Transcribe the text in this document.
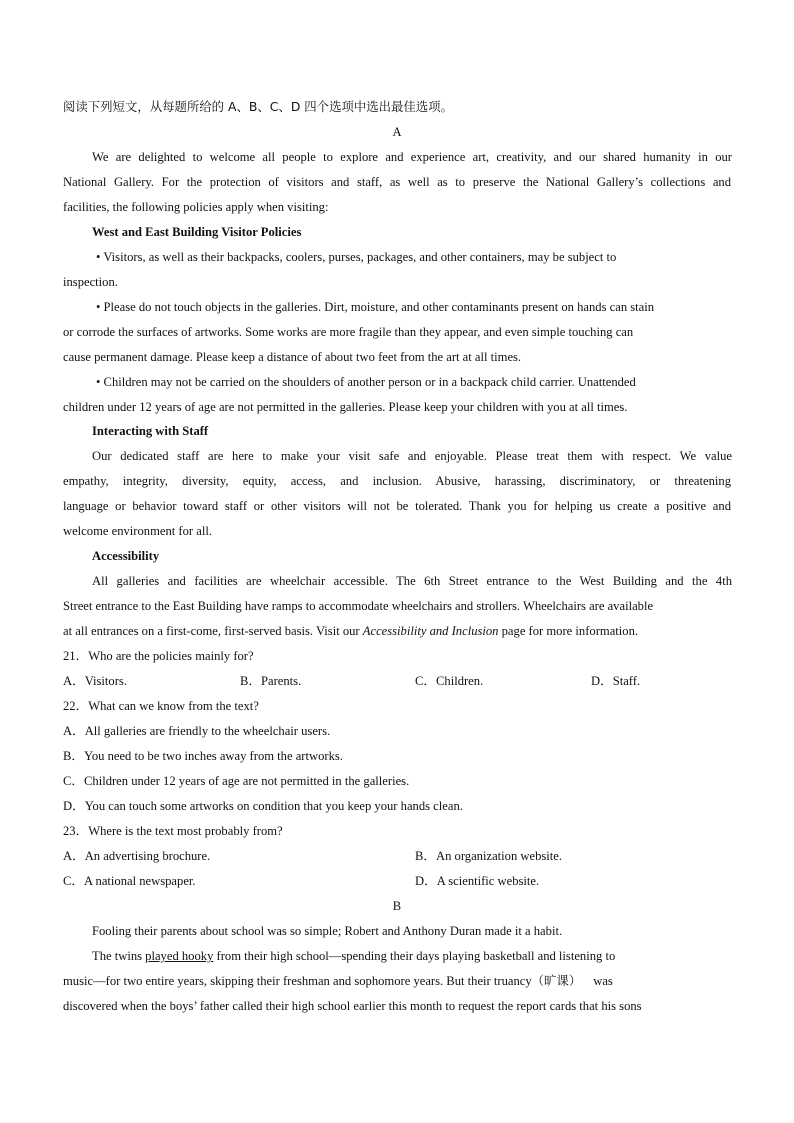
阅读下列短文，从每题所给的 A、B、C、D 四个选项中选出最佳选项。
A
We are delighted to welcome all people to explore and experience art, creativity, and our shared humanity in our
National Gallery. For the protection of visitors and staff, as well as to preserve the National Gallery’s collections and
facilities, the following policies apply when visiting:
West and East Building Visitor Policies
• Visitors, as well as their backpacks, coolers, purses, packages, and other containers, may be subject to
inspection.
• Please do not touch objects in the galleries. Dirt, moisture, and other contaminants present on hands can stain
or corrode the surfaces of artworks. Some works are more fragile than they appear, and even simple touching can
cause permanent damage. Please keep a distance of about two feet from the art at all times.
• Children may not be carried on the shoulders of another person or in a backpack child carrier. Unattended
children under 12 years of age are not permitted in the galleries. Please keep your children with you at all times.
Interacting with Staff
Our dedicated staff are here to make your visit safe and enjoyable. Please treat them with respect. We value
empathy, integrity, diversity, equity, access, and inclusion. Abusive, harassing, discriminatory, or threatening
language or behavior toward staff or other visitors will not be tolerated. Thank you for helping us create a positive and
welcome environment for all.
Accessibility
All galleries and facilities are wheelchair accessible. The 6th Street entrance to the West Building and the 4th
Street entrance to the East Building have ramps to accommodate wheelchairs and strollers. Wheelchairs are available
at all entrances on a first-come, first-served basis. Visit our Accessibility and Inclusion page for more information.
21．Who are the policies mainly for?
A．Visitors.	B．Parents.	C．Children.	D．Staff.
22．What can we know from the text?
A．All galleries are friendly to the wheelchair users.
B．You need to be two inches away from the artworks.
C．Children under 12 years of age are not permitted in the galleries.
D．You can touch some artworks on condition that you keep your hands clean.
23．Where is the text most probably from?
A．An advertising brochure.	B．An organization website.
C．A national newspaper.	D．A scientific website.
B
Fooling their parents about school was so simple; Robert and Anthony Duran made it a habit.
The twins played hooky from their high school—spending their days playing basketball and listening to
music—for two entire years, skipping their freshman and sophomore years. But their truancy（旷课） was
discovered when the boys’ father called their high school earlier this month to request the report cards that his sons
